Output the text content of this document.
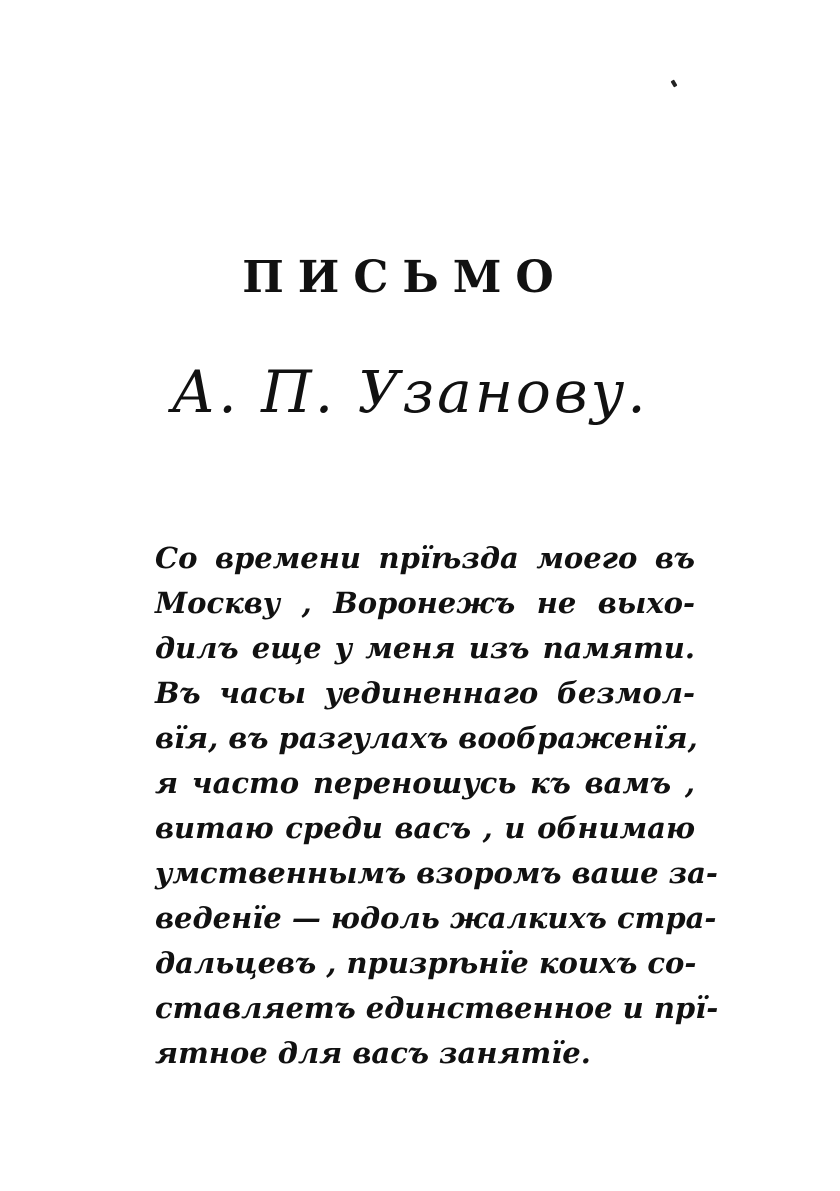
ПИСЬМО
А. П. Узанову.
Со времени прїѣзда моего въ
Москву , Воронежъ не выхо-
дилъ еще у меня изъ памяти.
Въ часы уединеннаго безмол-
вїя, въ разгулахъ воображенїя,
я часто переношусь къ вамъ ,
витаю среди васъ , и обнимаю
умственнымъ взоромъ ваше за-
веденїе — юдоль жалкихъ стра-
дальцевъ , призрѣнїе коихъ со-
ставляетъ единственное и прї-
ятное для васъ занятїе.
